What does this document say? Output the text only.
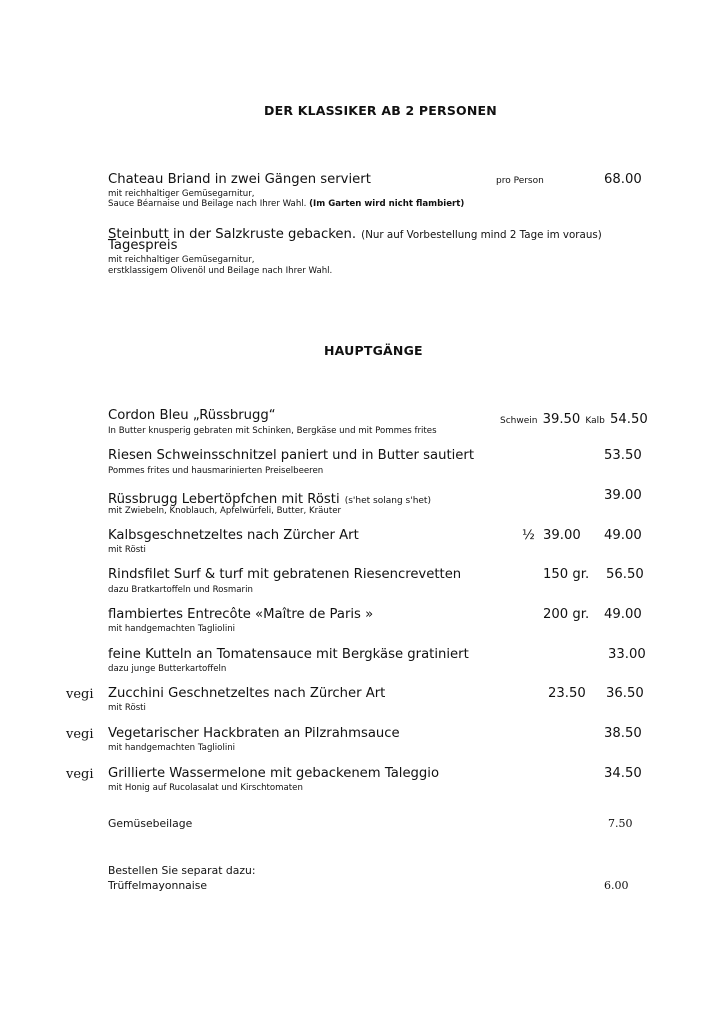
DER KLASSIKER AB 2 PERSONEN
Chateau Briand in zwei Gängen serviert	pro Person	68.00
mit reichhaltiger Gemüsegarnitur,
Sauce Béarnaise und Beilage nach Ihrer Wahl. (Im Garten wird nicht flambiert)
Steinbutt in der Salzkruste gebacken. (Nur auf Vorbestellung mind 2 Tage im voraus)
Tagespreis
mit reichhaltiger Gemüsegarnitur,
erstklassigem Olivenöl und Beilage nach Ihrer Wahl.
HAUPTGÄNGE
Cordon Bleu „Rüssbrugg“	Schwein 39.50 Kalb 54.50
In Butter knusperig gebraten mit Schinken, Bergkäse und mit Pommes frites
Riesen Schweinsschnitzel paniert und in Butter sautiert	53.50
Pommes frites und hausmarinierten Preiselbeeren
Rüssbrugg Lebertöpfchen mit Rösti (s'het solang s'het)	39.00
mit Zwiebeln, Knoblauch, Apfelwürfeli, Butter, Kräuter
Kalbsgeschnetzeltes nach Zürcher Art	½ 39.00 49.00
mit Rösti
Rindsfilet Surf & turf mit gebratenen Riesencrevetten	150 gr. 56.50
dazu Bratkartoffeln und Rosmarin
flambiertes Entrecôte «Maître de Paris »	200 gr. 49.00
mit handgemachten Tagliolini
feine Kutteln an Tomatensauce mit Bergkäse gratiniert	33.00
dazu junge Butterkartoffeln
vegi Zucchini Geschnetzeltes nach Zürcher Art	23.50 36.50
mit Rösti
vegi Vegetarischer Hackbraten an Pilzrahmsauce	38.50
mit handgemachten Tagliolini
vegi Grillierte Wassermelone mit gebackenem Taleggio	34.50
mit Honig auf Rucolasalat und Kirschtomaten
Gemüsebeilage	7.50
Bestellen Sie separat dazu:
Trüffelmayonnaise	6.00
